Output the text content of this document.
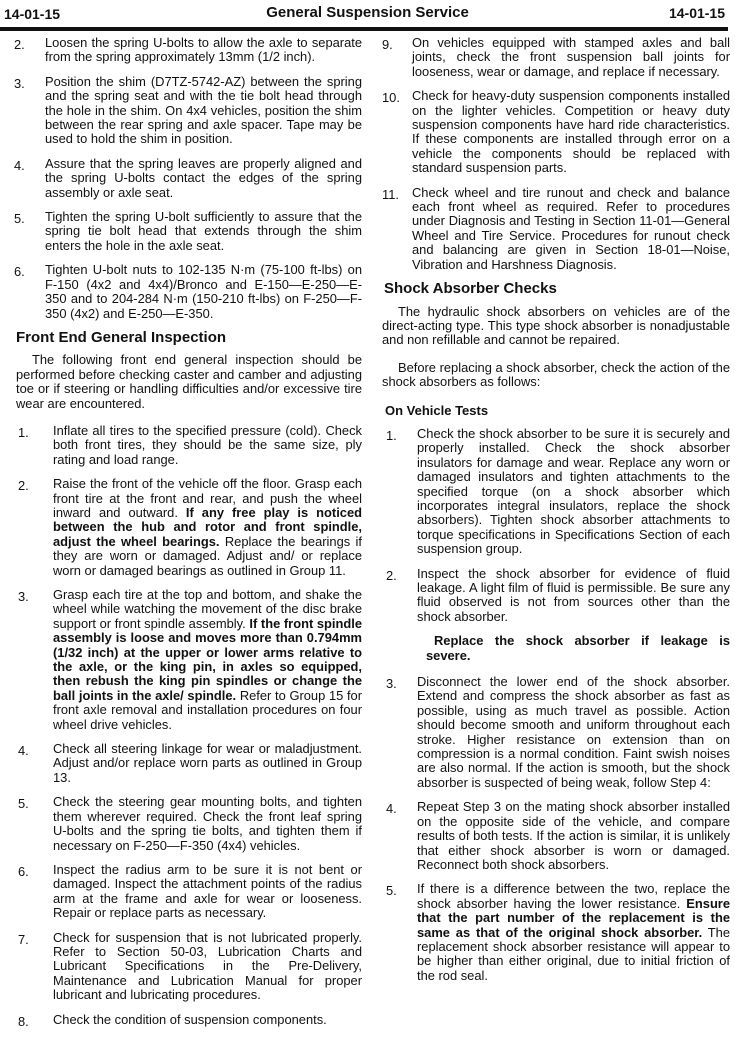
14-01-15	General Suspension Service	14-01-15
2. Loosen the spring U-bolts to allow the axle to separate from the spring approximately 13mm (1/2 inch).
3. Position the shim (D7TZ-5742-AZ) between the spring and the spring seat and with the tie bolt head through the hole in the shim. On 4x4 vehicles, position the shim between the rear spring and axle spacer. Tape may be used to hold the shim in position.
4. Assure that the spring leaves are properly aligned and the spring U-bolts contact the edges of the spring assembly or axle seat.
5. Tighten the spring U-bolt sufficiently to assure that the spring tie bolt head that extends through the shim enters the hole in the axle seat.
6. Tighten U-bolt nuts to 102-135 N·m (75-100 ft-lbs) on F-150 (4x2 and 4x4)/Bronco and E-150—E-250—E-350 and to 204-284 N·m (150-210 ft-lbs) on F-250—F-350 (4x2) and E-250—E-350.
Front End General Inspection

The following front end general inspection should be performed before checking caster and camber and adjusting toe or if steering or handling difficulties and/or excessive tire wear are encountered.

1. Inflate all tires to the specified pressure (cold). Check both front tires, they should be the same size, ply rating and load range.
2. Raise the front of the vehicle off the floor. Grasp each front tire at the front and rear, and push the wheel inward and outward. If any free play is noticed between the hub and rotor and front spindle, adjust the wheel bearings. Replace the bearings if they are worn or damaged. Adjust and/ or replace worn or damaged bearings as outlined in Group 11.
3. Grasp each tire at the top and bottom, and shake the wheel while watching the movement of the disc brake support or front spindle assembly. If the front spindle assembly is loose and moves more than 0.794mm (1/32 inch) at the upper or lower arms relative to the axle, or the king pin, in axles so equipped, then rebush the king pin spindles or change the ball joints in the axle/ spindle. Refer to Group 15 for front axle removal and installation procedures on four wheel drive vehicles.
4. Check all steering linkage for wear or maladjustment. Adjust and/or replace worn parts as outlined in Group 13.
5. Check the steering gear mounting bolts, and tighten them wherever required. Check the front leaf spring U-bolts and the spring tie bolts, and tighten them if necessary on F-250—F-350 (4x4) vehicles.
6. Inspect the radius arm to be sure it is not bent or damaged. Inspect the attachment points of the radius arm at the frame and axle for wear or looseness. Repair or replace parts as necessary.
7. Check for suspension that is not lubricated properly. Refer to Section 50-03, Lubrication Charts and Lubricant Specifications in the Pre-Delivery, Maintenance and Lubrication Manual for proper lubricant and lubricating procedures.
8. Check the condition of suspension components.
9. On vehicles equipped with stamped axles and ball joints, check the front suspension ball joints for looseness, wear or damage, and replace if necessary.
10. Check for heavy-duty suspension components installed on the lighter vehicles. Competition or heavy duty suspension components have hard ride characteristics. If these components are installed through error on a vehicle the components should be replaced with standard suspension parts.
11. Check wheel and tire runout and check and balance each front wheel as required. Refer to procedures under Diagnosis and Testing in Section 11-01—General Wheel and Tire Service. Procedures for runout check and balancing are given in Section 18-01—Noise, Vibration and Harshness Diagnosis.
Shock Absorber Checks

The hydraulic shock absorbers on vehicles are of the direct-acting type. This type shock absorber is nonadjustable and non refillable and cannot be repaired.

Before replacing a shock absorber, check the action of the shock absorbers as follows:

On Vehicle Tests
1. Check the shock absorber to be sure it is securely and properly installed. Check the shock absorber insulators for damage and wear. Replace any worn or damaged insulators and tighten attachments to the specified torque (on a shock absorber which incorporates integral insulators, replace the shock absorbers). Tighten shock absorber attachments to torque specifications in Specifications Section of each suspension group.
2. Inspect the shock absorber for evidence of fluid leakage. A light film of fluid is permissible. Be sure any fluid observed is not from sources other than the shock absorber.
Replace the shock absorber if leakage is severe.
3. Disconnect the lower end of the shock absorber. Extend and compress the shock absorber as fast as possible, using as much travel as possible. Action should become smooth and uniform throughout each stroke. Higher resistance on extension than on compression is a normal condition. Faint swish noises are also normal. If the action is smooth, but the shock absorber is suspected of being weak, follow Step 4:
4. Repeat Step 3 on the mating shock absorber installed on the opposite side of the vehicle, and compare results of both tests. If the action is similar, it is unlikely that either shock absorber is worn or damaged. Reconnect both shock absorbers.
5. If there is a difference between the two, replace the shock absorber having the lower resistance. Ensure that the part number of the replacement is the same as that of the original shock absorber. The replacement shock absorber resistance will appear to be higher than either original, due to initial friction of the rod seal.
